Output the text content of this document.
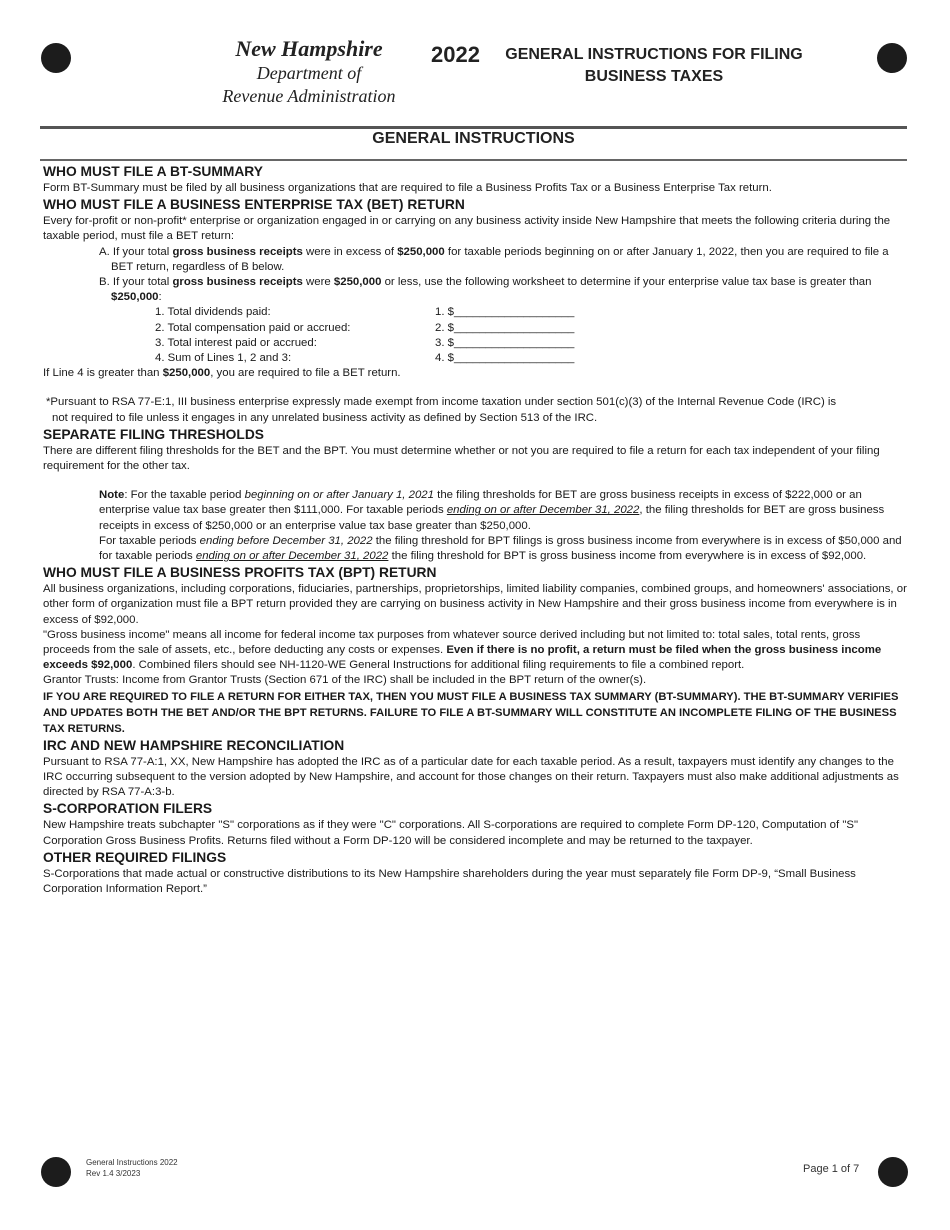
New Hampshire
Department of
Revenue Administration
2022	GENERAL INSTRUCTIONS FOR FILING
BUSINESS TAXES
GENERAL INSTRUCTIONS
WHO MUST FILE A BT-SUMMARY

Form BT-Summary must be filed by all business organizations that are required to file a Business Profits Tax or a Business Enterprise Tax return.

WHO MUST FILE A BUSINESS ENTERPRISE TAX (BET) RETURN

Every for-profit or non-profit* enterprise or organization engaged in or carrying on any business activity inside New Hampshire that meets the following criteria during the taxable period, must file a BET return:

A. If your total gross business receipts were in excess of $250,000 for taxable periods beginning on or after January 1, 2022, then you are required to file a BET return, regardless of B below.

B. If your total gross business receipts were $250,000 or less, use the following worksheet to determine if your enterprise value tax base is greater than $250,000:

1. Total dividends paid:	1. $___________________
2. Total compensation paid or accrued:	2. $___________________
3. Total interest paid or accrued:	3. $___________________
4. Sum of Lines 1, 2 and 3:	4. $___________________

If Line 4 is greater than $250,000, you are required to file a BET return.

*Pursuant to RSA 77-E:1, III business enterprise expressly made exempt from income taxation under section 501(c)(3) of the Internal Revenue Code (IRC) is

not required to file unless it engages in any unrelated business activity as defined by Section 513 of the IRC.

SEPARATE FILING THRESHOLDS

There are different filing thresholds for the BET and the BPT. You must determine whether or not you are required to file a return for each tax independent of your filing requirement for the other tax.

Note: For the taxable period beginning on or after January 1, 2021 the filing thresholds for BET are gross business receipts in excess of $222,000 or an enterprise value tax base greater then $111,000. For taxable periods ending on or after December 31, 2022, the filing thresholds for BET are gross business receipts in excess of $250,000 or an enterprise value tax base greater than $250,000.

For taxable periods ending before December 31, 2022 the filing threshold for BPT filings is gross business income from everywhere is in excess of $50,000 and for taxable periods ending on or after December 31, 2022 the filing threshold for BPT is gross business income from everywhere is in excess of $92,000.

WHO MUST FILE A BUSINESS PROFITS TAX (BPT) RETURN

All business organizations, including corporations, fiduciaries, partnerships, proprietorships, limited liability companies, combined groups, and homeowners' associations, or other form of organization must file a BPT return provided they are carrying on business activity in New Hampshire and their gross business income from everywhere is in excess of $92,000.

"Gross business income" means all income for federal income tax purposes from whatever source derived including but not limited to: total sales, total rents, gross proceeds from the sale of assets, etc., before deducting any costs or expenses. Even if there is no profit, a return must be filed when the gross business income exceeds $92,000. Combined filers should see NH-1120-WE General Instructions for additional filing requirements to file a combined report.

Grantor Trusts: Income from Grantor Trusts (Section 671 of the IRC) shall be included in the BPT return of the owner(s).

IF YOU ARE REQUIRED TO FILE A RETURN FOR EITHER TAX, THEN YOU MUST FILE A BUSINESS TAX SUMMARY (BT-SUMMARY). THE BT-SUMMARY VERIFIES AND UPDATES BOTH THE BET AND/OR THE BPT RETURNS. FAILURE TO FILE A BT-SUMMARY WILL CONSTITUTE AN INCOMPLETE FILING OF THE BUSINESS TAX RETURNS.

IRC AND NEW HAMPSHIRE RECONCILIATION

Pursuant to RSA 77-A:1, XX, New Hampshire has adopted the IRC as of a particular date for each taxable period. As a result, taxpayers must identify any changes to the IRC occurring subsequent to the version adopted by New Hampshire, and account for those changes on their return. Taxpayers must also make additional adjustments as directed by RSA 77-A:3-b.

S-CORPORATION FILERS

New Hampshire treats subchapter "S" corporations as if they were "C" corporations. All S-corporations are required to complete Form DP-120, Computation of "S" Corporation Gross Business Profits. Returns filed without a Form DP-120 will be considered incomplete and may be returned to the taxpayer.

OTHER REQUIRED FILINGS

S-Corporations that made actual or constructive distributions to its New Hampshire shareholders during the year must separately file Form DP-9, “Small Business Corporation Information Report.”

General Instructions 2022
Rev 1.4 3/2023	Page 1 of 7
